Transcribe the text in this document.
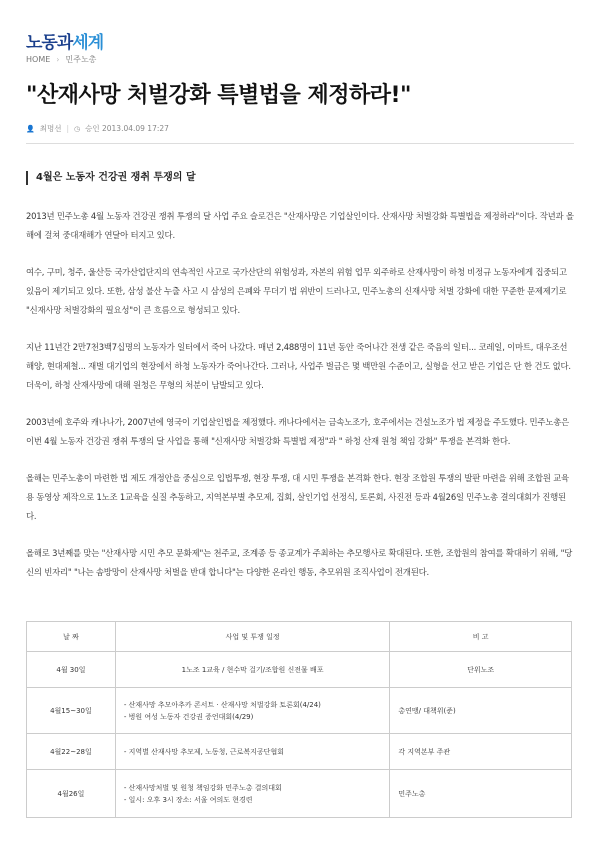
노동과세계
HOME › 민주노총
"산재사망 처벌강화 특별법을 제정하라!"
👤 최명선 | ◷ 승인 2013.04.09 17:27
4월은 노동자 건강권 쟁취 투쟁의 달

2013년 민주노총 4월 노동자 건강권 쟁취 투쟁의 달 사업 주요 슬로건은 "산재사망은 기업살인이다. 산재사망 처벌강화 특별법을 제정하라"이다. 작년과 올해에 걸쳐 중대재해가 연달아 터지고 있다.

여수, 구미, 청주, 울산등 국가산업단지의 연속적인 사고로 국가산단의 위험성과, 자본의 위험 업무 외주하로 산재사망이 하청 비정규 노동자에게 집중되고 있음이 제기되고 있다. 또한, 삼성 불산 누출 사고 시 삼성의 은폐와 무더기 법 위반이 드러나고, 민주노총의 신재사망 처벌 강화에 대한 꾸준한 문제제기로 "신재사망 처벌강화의 필요성"이 큰 흐름으로 형성되고 있다.

지난 11년간 2만7천3백7십명의 노동자가 일터에서 죽어 나갔다. 매년 2,488명이 11년 동안 죽어나간 전생 같은 죽음의 일터... 코레일, 이마트, 대우조선 해양, 현대제철... 재벌 대기업의 현장에서 하청 노동자가 죽어나간다. 그러나, 사업주 벌금은 몇 백만원 수준이고, 실형을 선고 받은 기업은 단 한 건도 없다. 더욱이, 하청 산재사망에 대해 원청은 무형의 처분이 남발되고 있다.

2003년에 호주와 캐나나가, 2007년에 영국이 기업살인법을 제정했다. 캐나다에서는 금속노조가, 호주에서는 건설노조가 법 제정을 주도했다. 민주노총은 이번 4월 노동자 건강권 쟁취 투쟁의 달 사업을 통해 "신재사망 처벌강화 특별법 제정"과 " 하청 산재 원청 책임 강화" 투쟁을 본격화 한다.

올해는 민주노총이 마련한 법 제도 개정안을 중심으로 입법투쟁, 현장 투쟁, 대 시민 투쟁을 본격화 한다. 현장 조합원 투쟁의 발판 마련을 위해 조합원 교육용 동영상 제작으로 1노조 1교육을 실질 추동하고, 지역본부별 추모제, 집회, 살인기업 선정식, 토론회, 사진전 등과 4월26일 민주노총 결의대회가 진행된다.

올해로 3년째를 맞는 "산재사망 시민 추모 문화제"는 천주교, 조계종 등 종교계가 주최하는 추모행사로 확대된다. 또한, 조합원의 참여를 확대하기 위해, "당신의 빈자리" "나는 솜방망이 산재사망 처벌을 반대 합니다"는 다양한 온라인 행동, 추모위원 조직사업이 전개된다.

날 짜	사업 및 투쟁 일정	비 고
4월 30일	1노조 1교육 / 현수막 걸기/조합원 신전물 배포	단위노조
4월15~30일	- 산재사망 추모아추카 콘서트 · 산재사망 처벌강화 토론회(4/24)
- 벙원 여성 노동자 건강권 증언대회(4/29)	총연맹/ 대책위(준)
4월22~28일	- 지역별 산재사망 추모제, 노동청, 근로복지공단협회	각 지역본부 주관
4월26일	- 산재사망처벌 및 원청 책임강화 민주노총 결의대회
- 일시: 오후 3시 장소: 서울 여의도 현경련	민주노총
